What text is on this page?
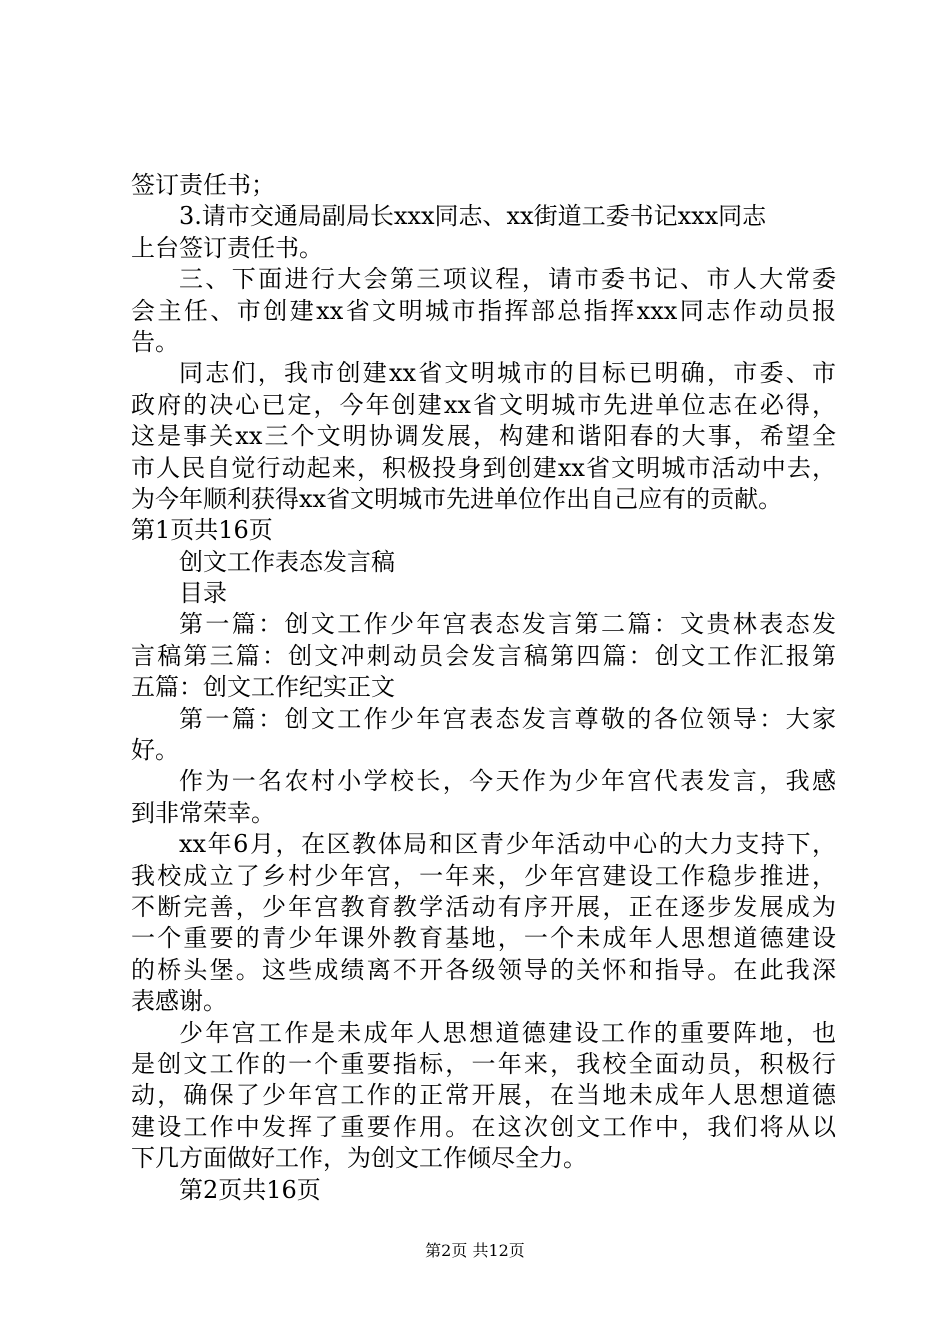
签订责任书；
3.请市交通局副局长xxx同志、xx街道工委书记xxx同志
上台签订责任书。
三、下面进行大会第三项议程，请市委书记、市人大常委
会主任、市创建xx省文明城市指挥部总指挥xxx同志作动员报
告。
同志们，我市创建xx省文明城市的目标已明确，市委、市
政府的决心已定，今年创建xx省文明城市先进单位志在必得，
这是事关xx三个文明协调发展，构建和谐阳春的大事，希望全
市人民自觉行动起来，积极投身到创建xx省文明城市活动中去，
为今年顺利获得xx省文明城市先进单位作出自己应有的贡献。
第1页共16页
创文工作表态发言稿
目录
第一篇：创文工作少年宫表态发言第二篇：文贵林表态发
言稿第三篇：创文冲刺动员会发言稿第四篇：创文工作汇报第
五篇：创文工作纪实正文
第一篇：创文工作少年宫表态发言尊敬的各位领导：大家
好。
作为一名农村小学校长，今天作为少年宫代表发言，我感
到非常荣幸。
xx年6月，在区教体局和区青少年活动中心的大力支持下，
我校成立了乡村少年宫，一年来，少年宫建设工作稳步推进，
不断完善，少年宫教育教学活动有序开展，正在逐步发展成为
一个重要的青少年课外教育基地，一个未成年人思想道德建设
的桥头堡。这些成绩离不开各级领导的关怀和指导。在此我深
表感谢。
少年宫工作是未成年人思想道德建设工作的重要阵地，也
是创文工作的一个重要指标，一年来，我校全面动员，积极行
动，确保了少年宫工作的正常开展，在当地未成年人思想道德
建设工作中发挥了重要作用。在这次创文工作中，我们将从以
下几方面做好工作，为创文工作倾尽全力。
第2页共16页
第2页 共12页
